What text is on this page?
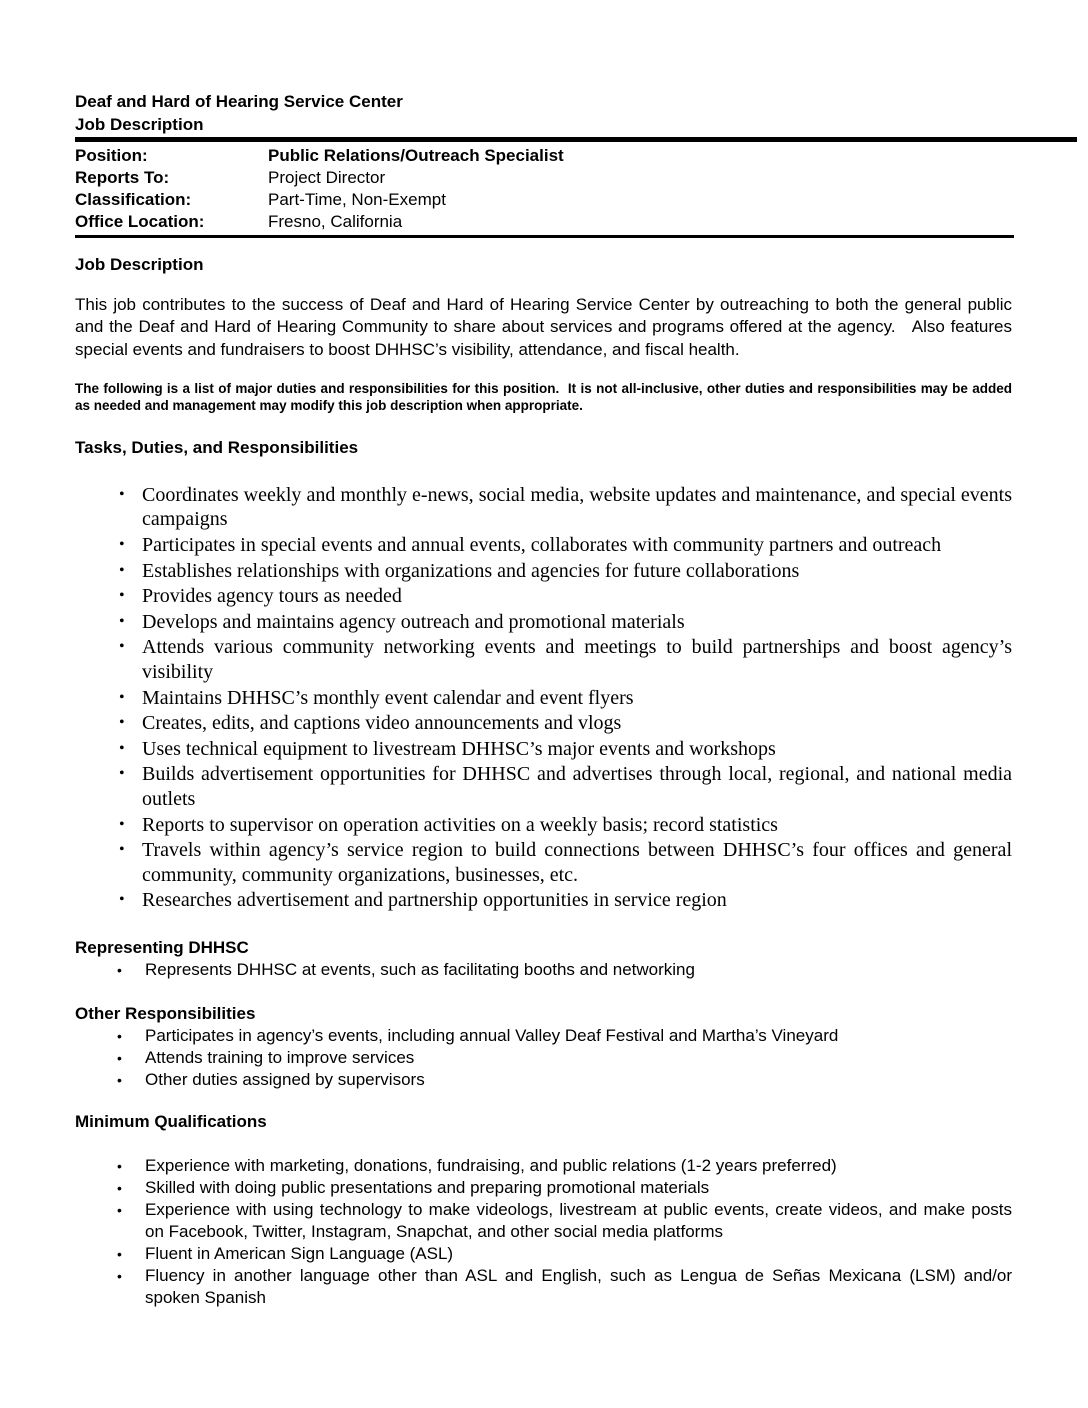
Deaf and Hard of Hearing Service Center
Job Description
Position:	Public Relations/Outreach Specialist
Reports To:	Project Director
Classification:	Part-Time, Non-Exempt
Office Location:	Fresno, California
Job Description

This job contributes to the success of Deaf and Hard of Hearing Service Center by outreaching to both the general public and the Deaf and Hard of Hearing Community to share about services and programs offered at the agency.   Also features special events and fundraisers to boost DHHSC’s visibility, attendance, and fiscal health.

The following is a list of major duties and responsibilities for this position.  It is not all-inclusive, other duties and responsibilities may be added as needed and management may modify this job description when appropriate.

Tasks, Duties, and Responsibilities
• Coordinates weekly and monthly e-news, social media, website updates and maintenance, and special events campaigns
• Participates in special events and annual events, collaborates with community partners and outreach
• Establishes relationships with organizations and agencies for future collaborations
• Provides agency tours as needed
• Develops and maintains agency outreach and promotional materials
• Attends various community networking events and meetings to build partnerships and boost agency’s visibility
• Maintains DHHSC’s monthly event calendar and event flyers
• Creates, edits, and captions video announcements and vlogs
• Uses technical equipment to livestream DHHSC’s major events and workshops
• Builds advertisement opportunities for DHHSC and advertises through local, regional, and national media outlets
• Reports to supervisor on operation activities on a weekly basis; record statistics
• Travels within agency’s service region to build connections between DHHSC’s four offices and general community, community organizations, businesses, etc.
• Researches advertisement and partnership opportunities in service region
Representing DHHSC
• Represents DHHSC at events, such as facilitating booths and networking
Other Responsibilities
• Participates in agency’s events, including annual Valley Deaf Festival and Martha’s Vineyard
• Attends training to improve services
• Other duties assigned by supervisors
Minimum Qualifications
• Experience with marketing, donations, fundraising, and public relations (1-2 years preferred)
• Skilled with doing public presentations and preparing promotional materials
• Experience with using technology to make videologs, livestream at public events, create videos, and make posts on Facebook, Twitter, Instagram, Snapchat, and other social media platforms
• Fluent in American Sign Language (ASL)
• Fluency in another language other than ASL and English, such as Lengua de Señas Mexicana (LSM) and/or spoken Spanish
